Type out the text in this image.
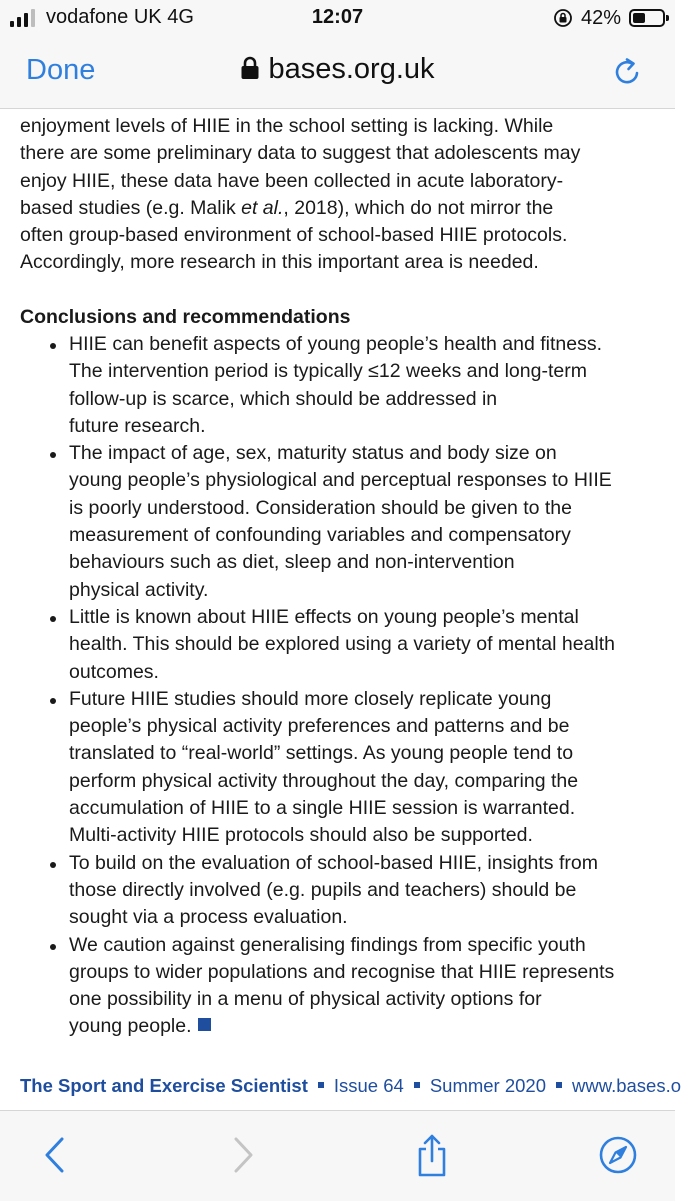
vodafone UK 4G	12:07	42%
Done	bases.org.uk
enjoyment levels of HIIE in the school setting is lacking. While
there are some preliminary data to suggest that adolescents may
enjoy HIIE, these data have been collected in acute laboratory-
based studies (e.g. Malik et al., 2018), which do not mirror the
often group-based environment of school-based HIIE protocols.
Accordingly, more research in this important area is needed.
Conclusions and recommendations
HIIE can benefit aspects of young people’s health and fitness.
The intervention period is typically ≤12 weeks and long-term
follow-up is scarce, which should be addressed in
future research.
The impact of age, sex, maturity status and body size on
young people’s physiological and perceptual responses to HIIE
is poorly understood. Consideration should be given to the
measurement of confounding variables and compensatory
behaviours such as diet, sleep and non-intervention
physical activity.
Little is known about HIIE effects on young people’s mental
health. This should be explored using a variety of mental health
outcomes.
Future HIIE studies should more closely replicate young
people’s physical activity preferences and patterns and be
translated to “real-world” settings. As young people tend to
perform physical activity throughout the day, comparing the
accumulation of HIIE to a single HIIE session is warranted.
Multi-activity HIIE protocols should also be supported.
To build on the evaluation of school-based HIIE, insights from
those directly involved (e.g. pupils and teachers) should be
sought via a process evaluation.
We caution against generalising findings from specific youth
groups to wider populations and recognise that HIIE represents
one possibility in a menu of physical activity options for
young people.
The Sport and Exercise Scientist Issue 64 Summer 2020 www.bases.o
